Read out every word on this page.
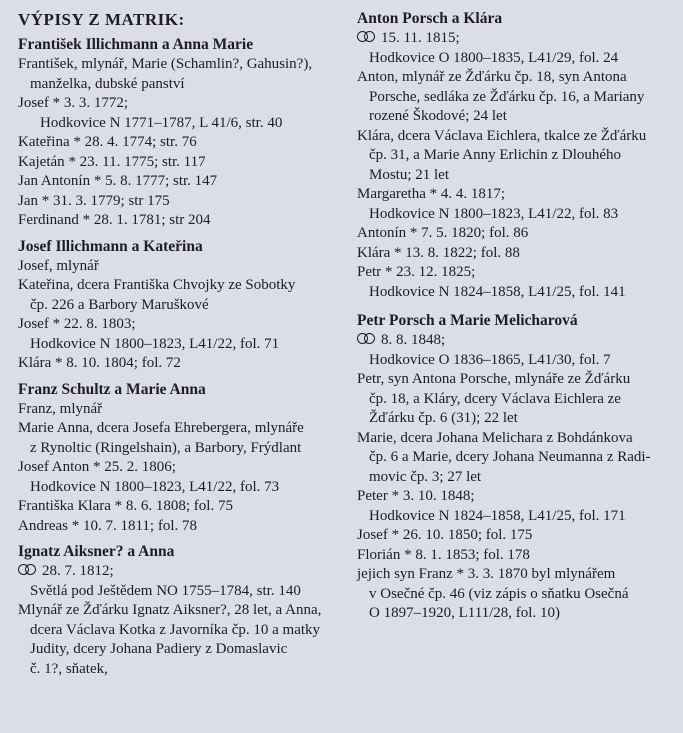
VÝPISY Z MATRIK:
František Illichmann a Anna Marie
František, mlynář, Marie (Schamlin?, Gahusin?),
manželka, dubské panství
Josef * 3. 3. 1772;
Hodkovice N 1771–1787, L 41/6, str. 40
Kateřina * 28. 4. 1774; str. 76
Kajetán * 23. 11. 1775; str. 117
Jan Antonín * 5. 8. 1777; str. 147
Jan * 31. 3. 1779; str 175
Ferdinand * 28. 1. 1781; str 204
Josef Illichmann a Kateřina
Josef, mlynář
Kateřina, dcera Františka Chvojky ze Sobotky
čp. 226 a Barbory Maruškové
Josef * 22. 8. 1803;
Hodkovice N 1800–1823, L41/22, fol. 71
Klára * 8. 10. 1804; fol. 72
Franz Schultz a Marie Anna
Franz, mlynář
Marie Anna, dcera Josefa Ehrebergera, mlynáře
z Rynoltic (Ringelshain), a Barbory, Frýdlant
Josef Anton * 25. 2. 1806;
Hodkovice N 1800–1823, L41/22, fol. 73
Františka Klara * 8. 6. 1808; fol. 75
Andreas * 10. 7. 1811; fol. 78
Ignatz Aiksner? a Anna
28. 7. 1812;
Světlá pod Ještědem NO 1755–1784, str. 140
Mlynář ze Žďárku Ignatz Aiksner?, 28 let, a Anna,
dcera Václava Kotka z Javorníka čp. 10 a matky
Judity, dcery Johana Padiery z Domaslavic
č. 1?, sňatek,
Anton Porsch a Klára
15. 11. 1815;
Hodkovice O 1800–1835, L41/29, fol. 24
Anton, mlynář ze Žďárku čp. 18, syn Antona
Porsche, sedláka ze Žďárku čp. 16, a Mariany
rozené Škodové; 24 let
Klára, dcera Václava Eichlera, tkalce ze Žďárku
čp. 31, a Marie Anny Erlichin z Dlouhého
Mostu; 21 let
Margaretha * 4. 4. 1817;
Hodkovice N 1800–1823, L41/22, fol. 83
Antonín * 7. 5. 1820; fol. 86
Klára * 13. 8. 1822; fol. 88
Petr * 23. 12. 1825;
Hodkovice N 1824–1858, L41/25, fol. 141
Petr Porsch a Marie Melicharová
8. 8. 1848;
Hodkovice O 1836–1865, L41/30, fol. 7
Petr, syn Antona Porsche, mlynáře ze Žďárku
čp. 18, a Kláry, dcery Václava Eichlera ze
Žďárku čp. 6 (31); 22 let
Marie, dcera Johana Melichara z Bohdánkova
čp. 6 a Marie, dcery Johana Neumanna z Radi-
movic čp. 3; 27 let
Peter * 3. 10. 1848;
Hodkovice N 1824–1858, L41/25, fol. 171
Josef * 26. 10. 1850; fol. 175
Florián * 8. 1. 1853; fol. 178
jejich syn Franz * 3. 3. 1870 byl mlynářem
v Osečné čp. 46 (viz zápis o sňatku Osečná
O 1897–1920, L111/28, fol. 10)
